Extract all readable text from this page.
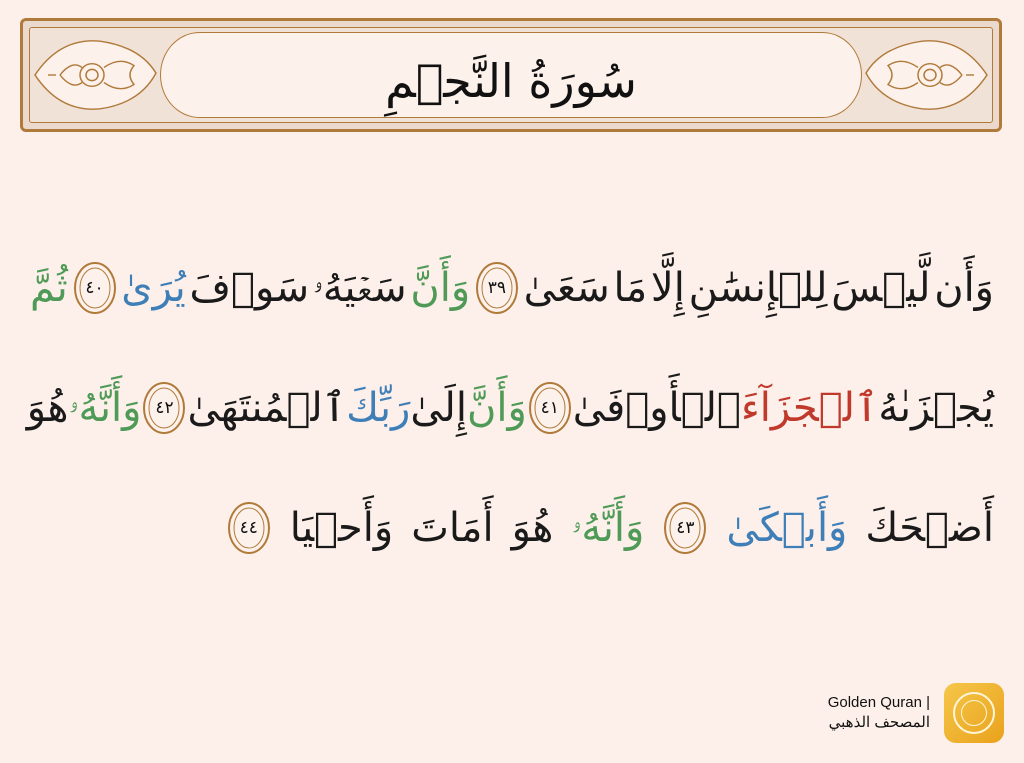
سُورَةُ النَّجۡمِ
وَأَن
لَّيۡسَ
لِلۡإِنسَٰنِ
إِلَّا
مَا
سَعَىٰ
٣٩
وَأَنَّ
سَعۡيَهُۥ
سَوۡفَ
يُرَىٰ
٤٠
ثُمَّ
يُجۡزَىٰهُ
ٱلۡجَزَآءَ
ٱلۡأَوۡفَىٰ
٤١
وَأَنَّ
إِلَىٰ
رَبِّكَ
ٱلۡمُنتَهَىٰ
٤٢
وَأَنَّهُۥ
هُوَ
أَضۡحَكَ
وَأَبۡكَىٰ
٤٣
وَأَنَّهُۥ
هُوَ
أَمَاتَ
وَأَحۡيَا
٤٤
Golden Quran |
المصحف الذهبي
